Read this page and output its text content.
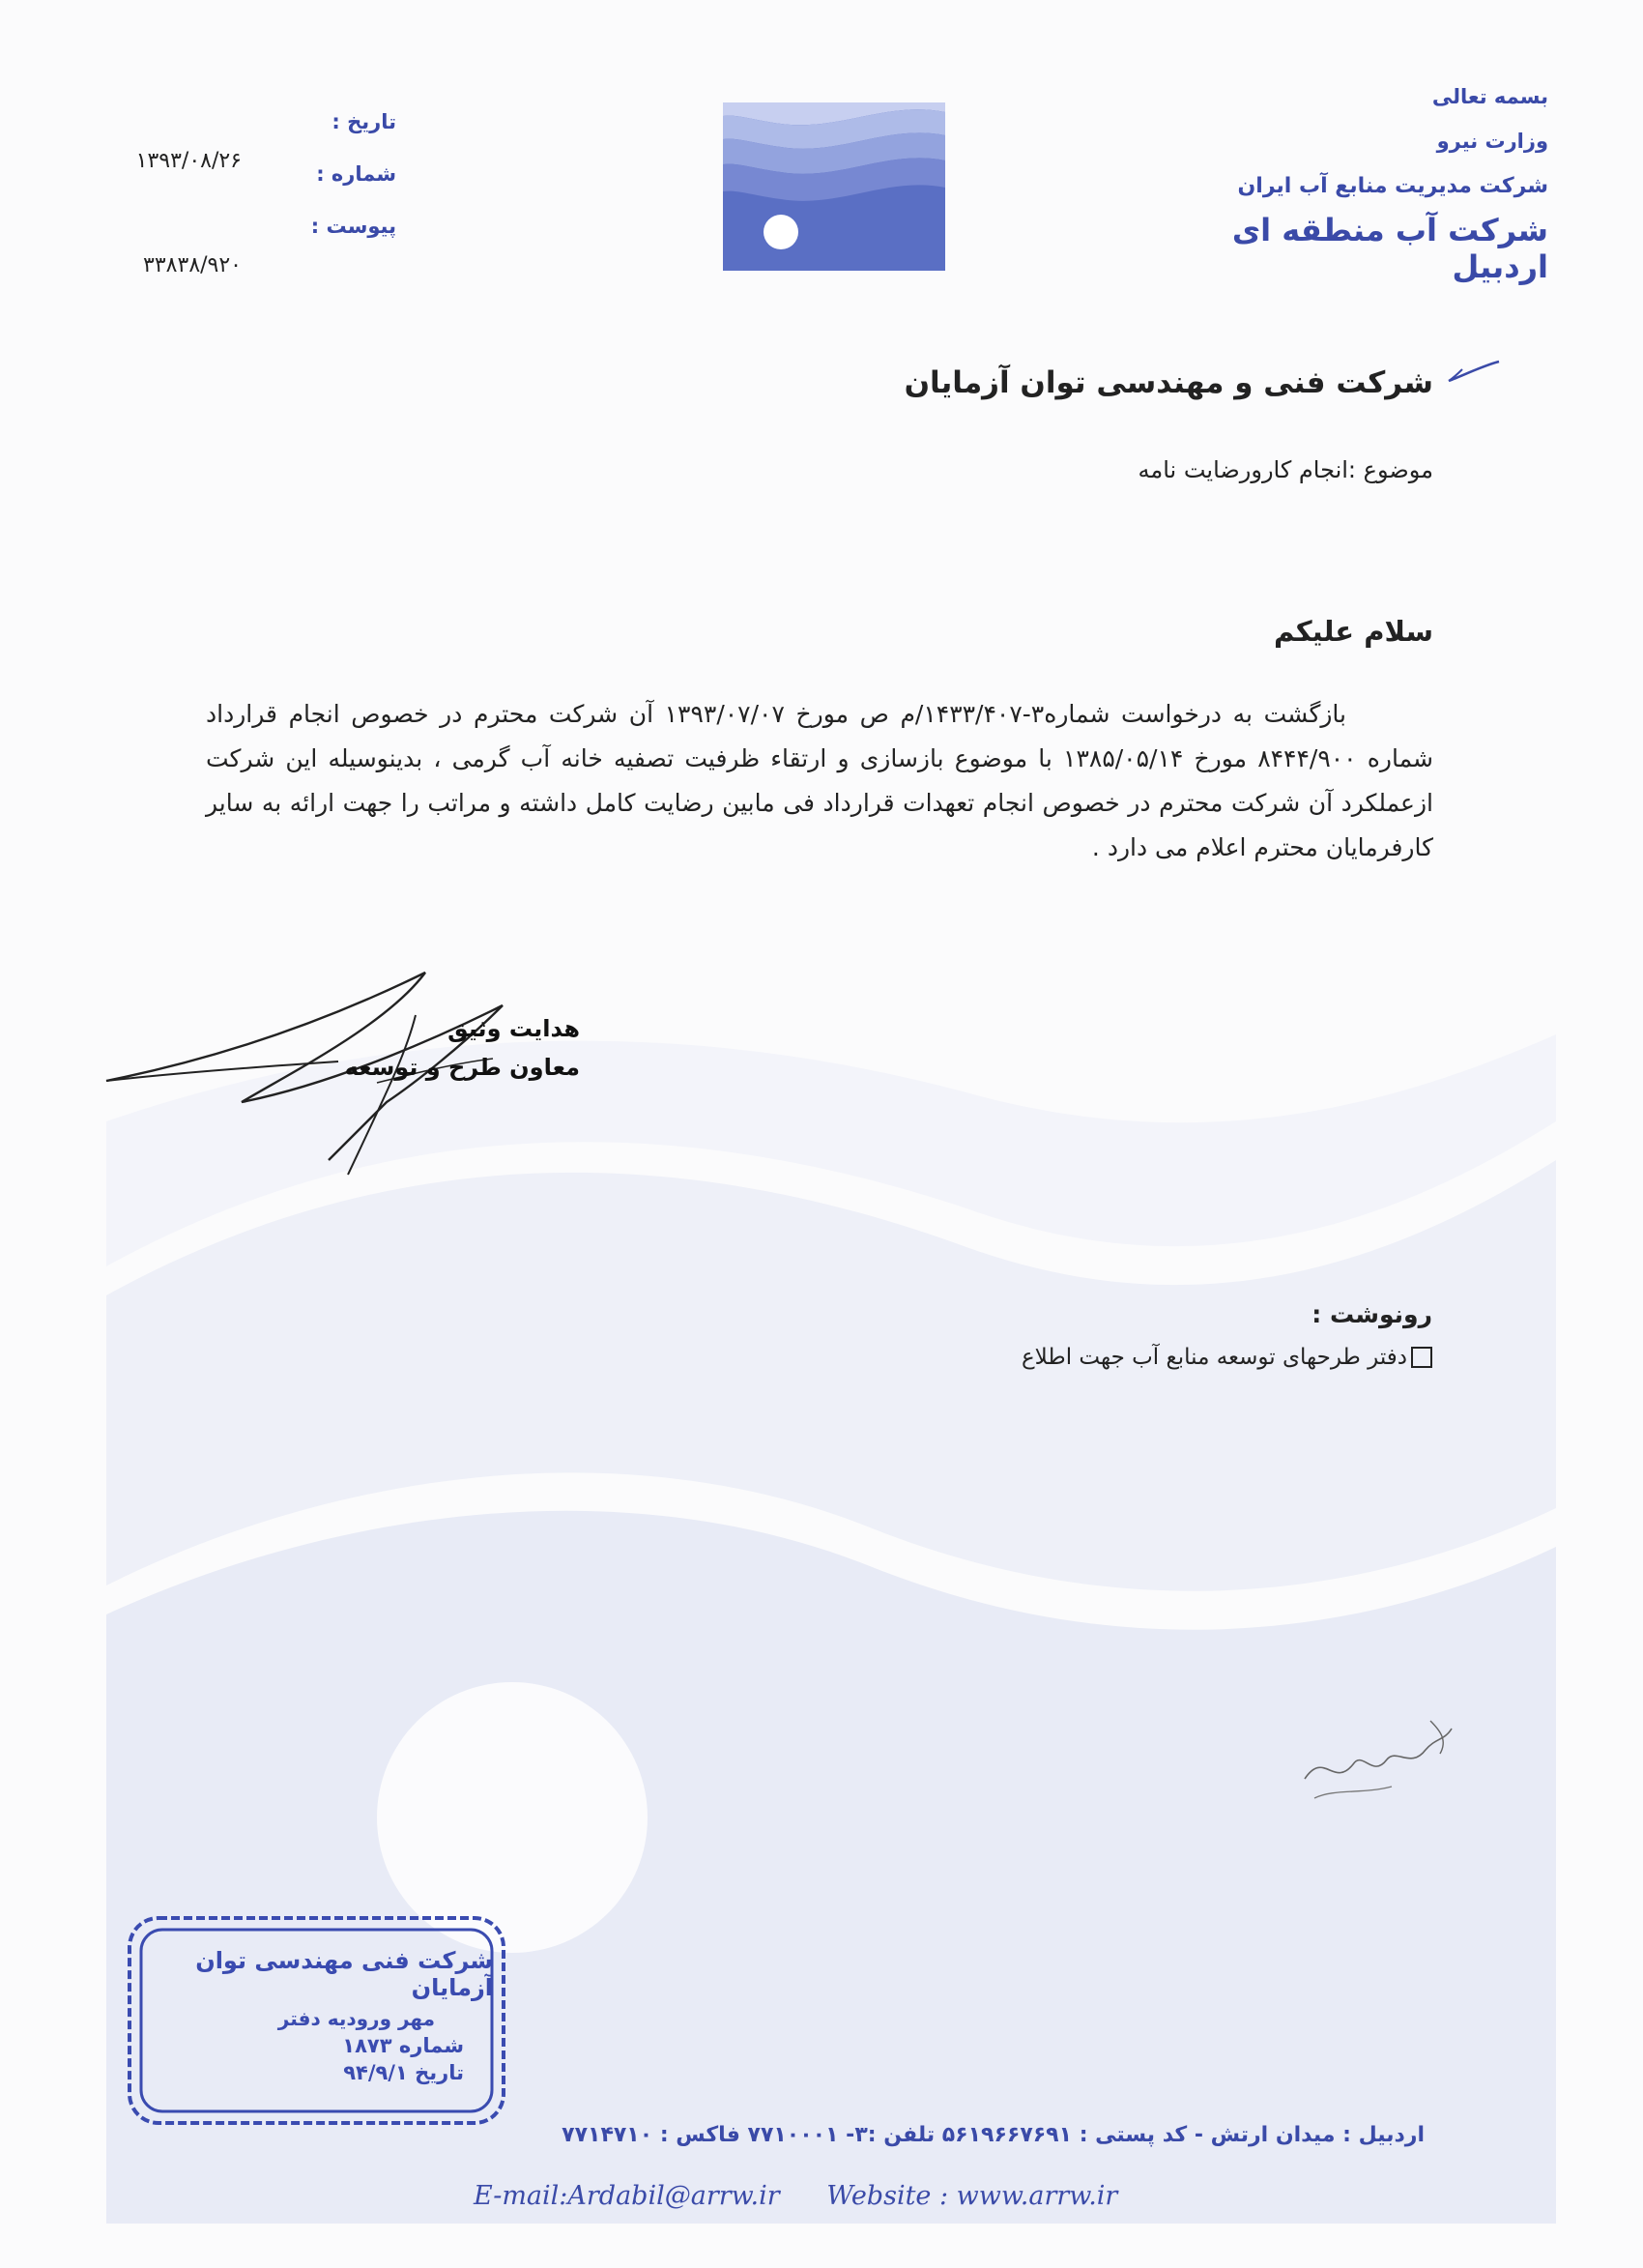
بسمه تعالی
وزارت نیرو
شرکت مدیریت منابع آب ایران
شرکت آب منطقه ای اردبیل
تاریخ :
شماره :
پیوست :
۱۳۹۳/۰۸/۲۶
۳۳۸۳۸/۹۲۰
شرکت فنی و مهندسی توان آزمایان
موضوع :انجام کارورضایت نامه
سلام علیکم

بازگشت به درخواست شماره۳-۱۴۳۳/۴۰۷/م ص مورخ ۱۳۹۳/۰۷/۰۷ آن شرکت محترم در خصوص انجام قرارداد شماره ۸۴۴۴/۹۰۰ مورخ ۱۳۸۵/۰۵/۱۴ با موضوع بازسازی و ارتقاء ظرفیت تصفیه خانه آب گرمی ، بدینوسیله این شرکت ازعملکرد آن شرکت محترم در خصوص انجام تعهدات قرارداد فی مابین رضایت کامل داشته و مراتب را جهت ارائه به سایر کارفرمایان محترم اعلام می دارد .

هدایت وثیق
معاون طرح و توسعه
رونوشت :
دفتر طرحهای توسعه منابع آب جهت اطلاع
شرکت فنی مهندسی توان آزمایان
مهر ورودیه دفتر
شماره ۱۸۷۳
تاریخ ۹۴/۹/۱
اردبیل : میدان ارتش - کد پستی : ۵۶۱۹۶۶۷۶۹۱ تلفن :۳- ۷۷۱۰۰۰۱ فاکس : ۷۷۱۴۷۱۰
E-mail:Ardabil@arrw.ir Website : www.arrw.ir
